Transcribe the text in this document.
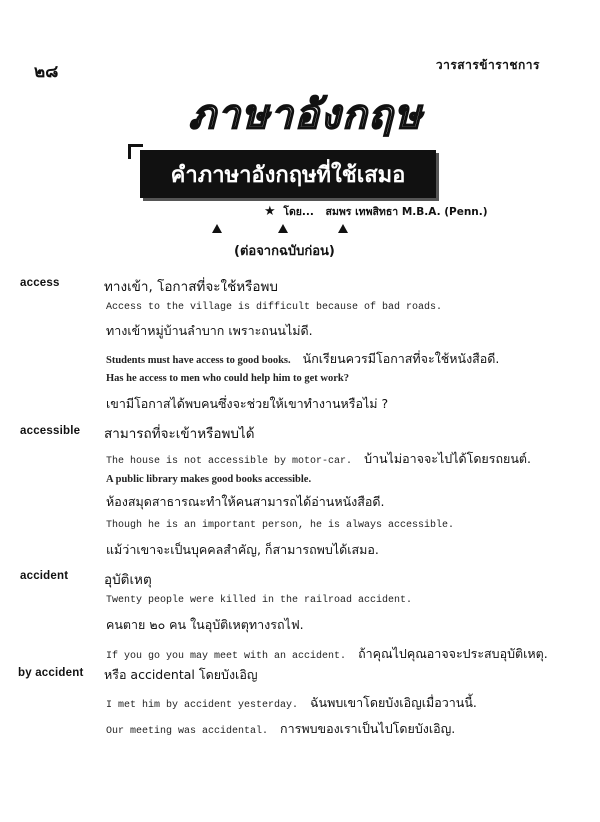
๒๘	วารสารข้าราชการ
ภาษาอังกฤษ
คำภาษาอังกฤษที่ใช้เสมอ
★ โดย... สมพร เทพสิทธา M.B.A. (Penn.)
(ต่อจากฉบับก่อน)
access	ทางเข้า, โอกาสที่จะใช้หรือพบ
Access to the village is difficult because of bad roads.
ทางเข้าหมู่บ้านลำบาก เพราะถนนไม่ดี.
Students must have access to good books. นักเรียนควรมีโอกาสที่จะใช้หนังสือดี.
Has he access to men who could help him to get work?
เขามีโอกาสได้พบคนซึ่งจะช่วยให้เขาทำงานหรือไม่ ?
accessible สามารถที่จะเข้าหรือพบได้
The house is not accessible by motor-car. บ้านไม่อาจจะไปได้โดยรถยนต์.
A public library makes good books accessible.
ห้องสมุดสาธารณะทำให้คนสามารถได้อ่านหนังสือดี.
Though he is an important person, he is always accessible.
แม้ว่าเขาจะเป็นบุคคลสำคัญ, ก็สามารถพบได้เสมอ.
accident	อุบัติเหตุ
Twenty people were killed in the railroad accident.
คนตาย ๒๐ คน ในอุบัติเหตุทางรถไฟ.
If you go you may meet with an accident. ถ้าคุณไปคุณอาจจะประสบอุบัติเหตุ.
by accident หรือ accidental โดยบังเอิญ
I met him by accident yesterday. ฉันพบเขาโดยบังเอิญเมื่อวานนี้.
Our meeting was accidental. การพบของเราเป็นไปโดยบังเอิญ.
